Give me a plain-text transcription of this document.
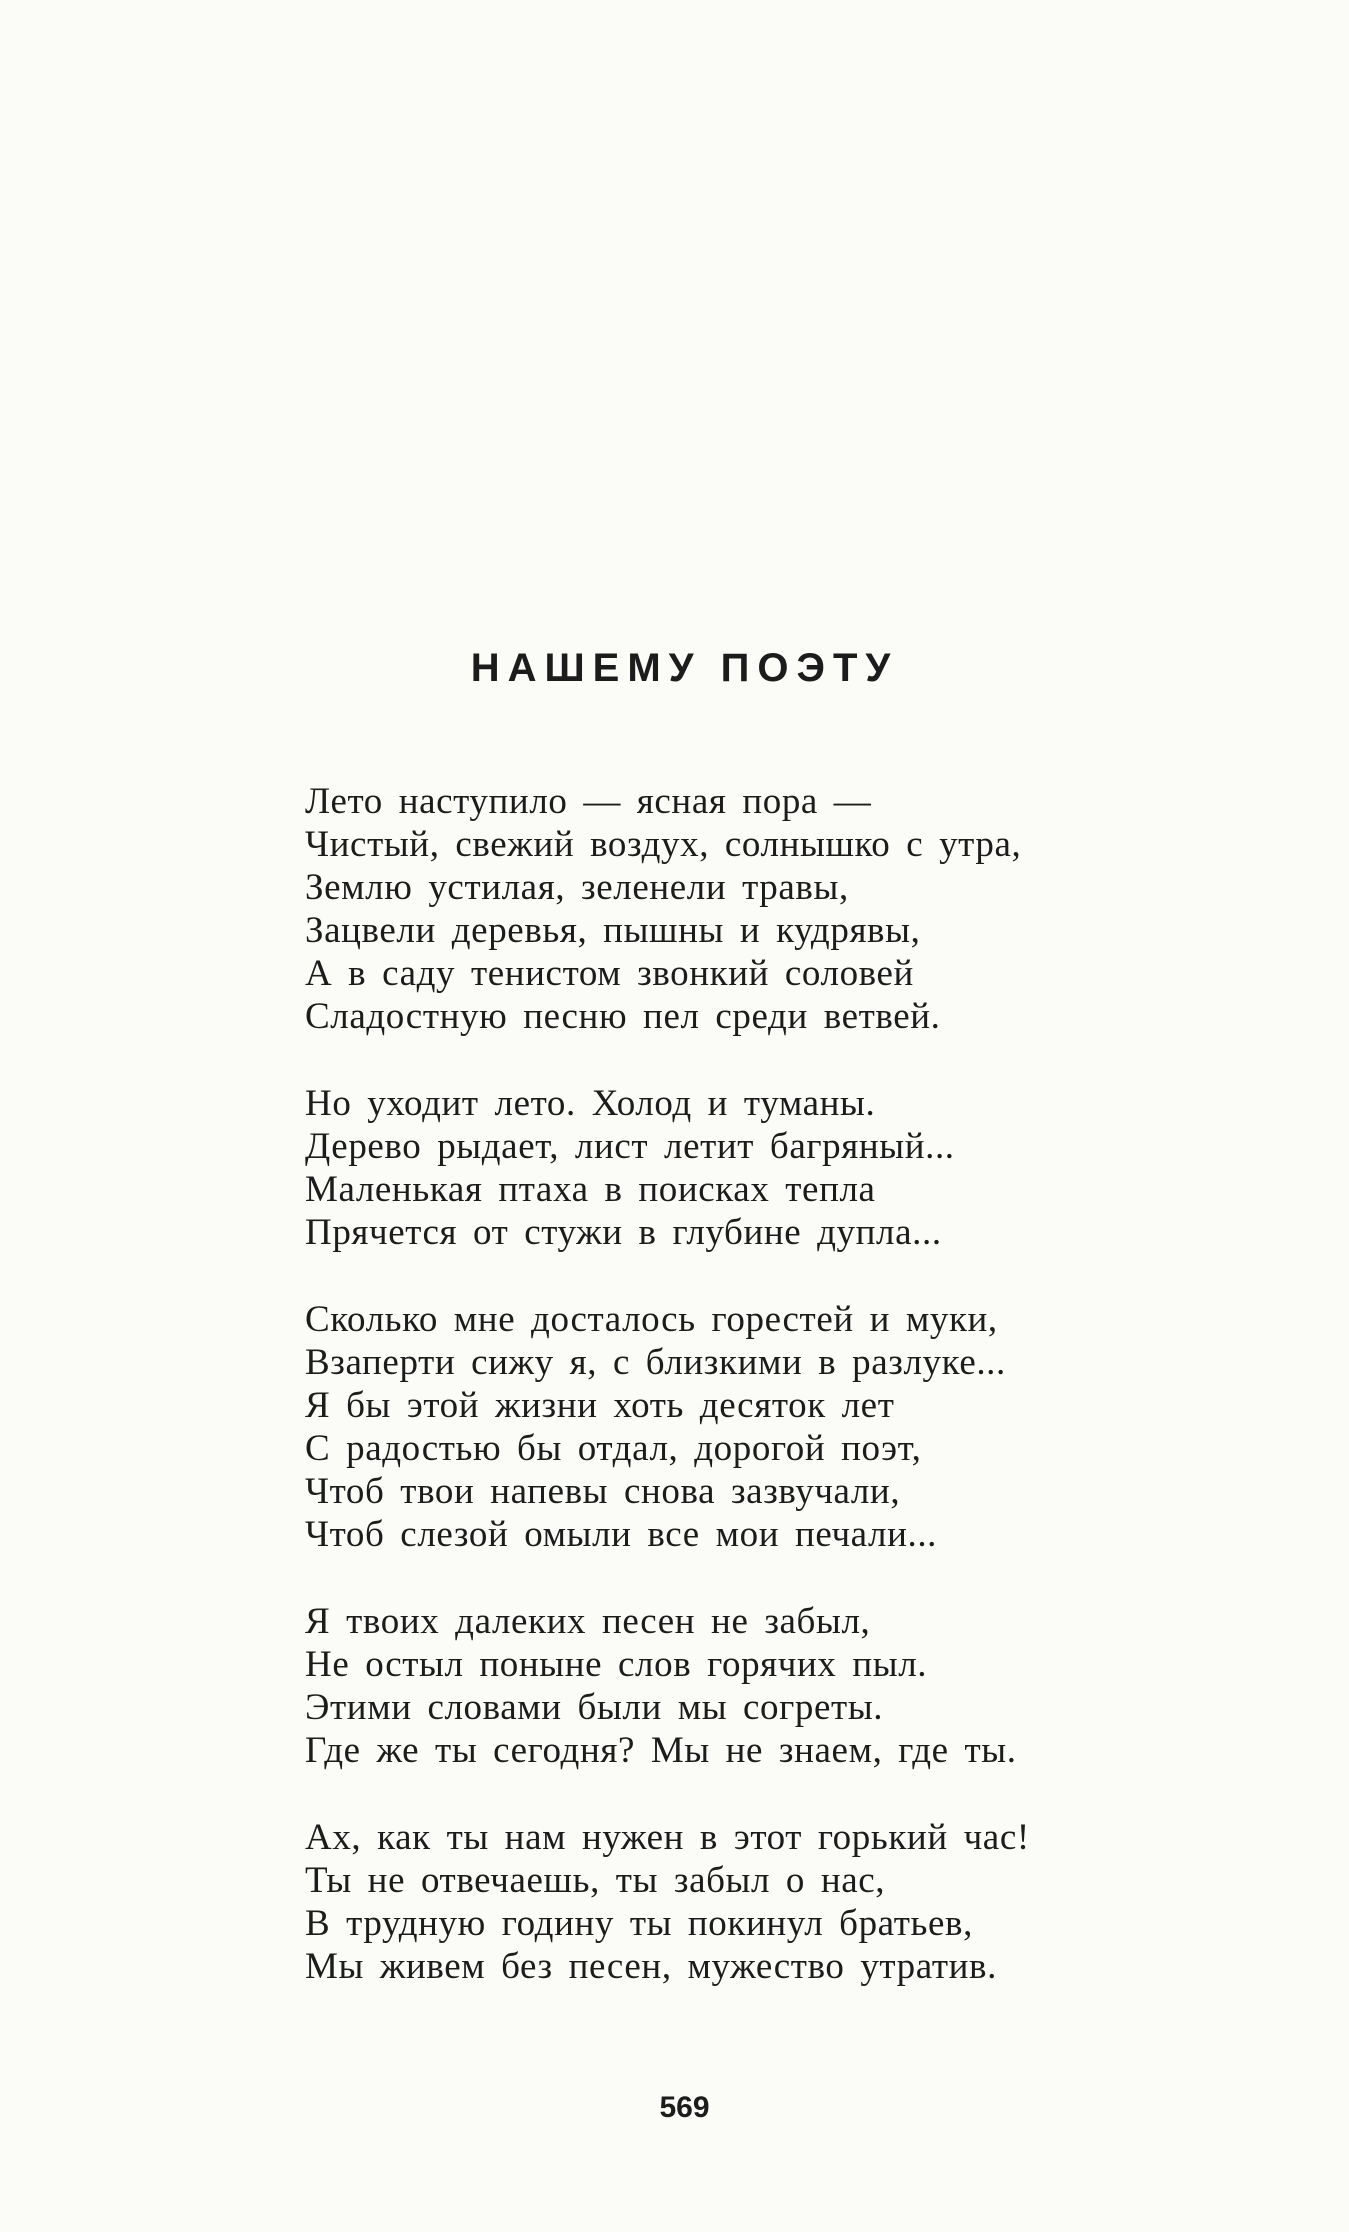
НАШЕМУ ПОЭТУ
Лето наступило — ясная пора —
Чистый, свежий воздух, солнышко с утра,
Землю устилая, зеленели травы,
Зацвели деревья, пышны и кудрявы,
А в саду тенистом звонкий соловей
Сладостную песню пел среди ветвей.
Но уходит лето. Холод и туманы.
Дерево рыдает, лист летит багряный...
Маленькая птаха в поисках тепла
Прячется от стужи в глубине дупла...
Сколько мне досталось горестей и муки,
Взаперти сижу я, с близкими в разлуке...
Я бы этой жизни хоть десяток лет
С радостью бы отдал, дорогой поэт,
Чтоб твои напевы снова зазвучали,
Чтоб слезой омыли все мои печали...
Я твоих далеких песен не забыл,
Не остыл поныне слов горячих пыл.
Этими словами были мы согреты.
Где же ты сегодня? Мы не знаем, где ты.
Ах, как ты нам нужен в этот горький час!
Ты не отвечаешь, ты забыл о нас,
В трудную годину ты покинул братьев,
Мы живем без песен, мужество утратив.
569
